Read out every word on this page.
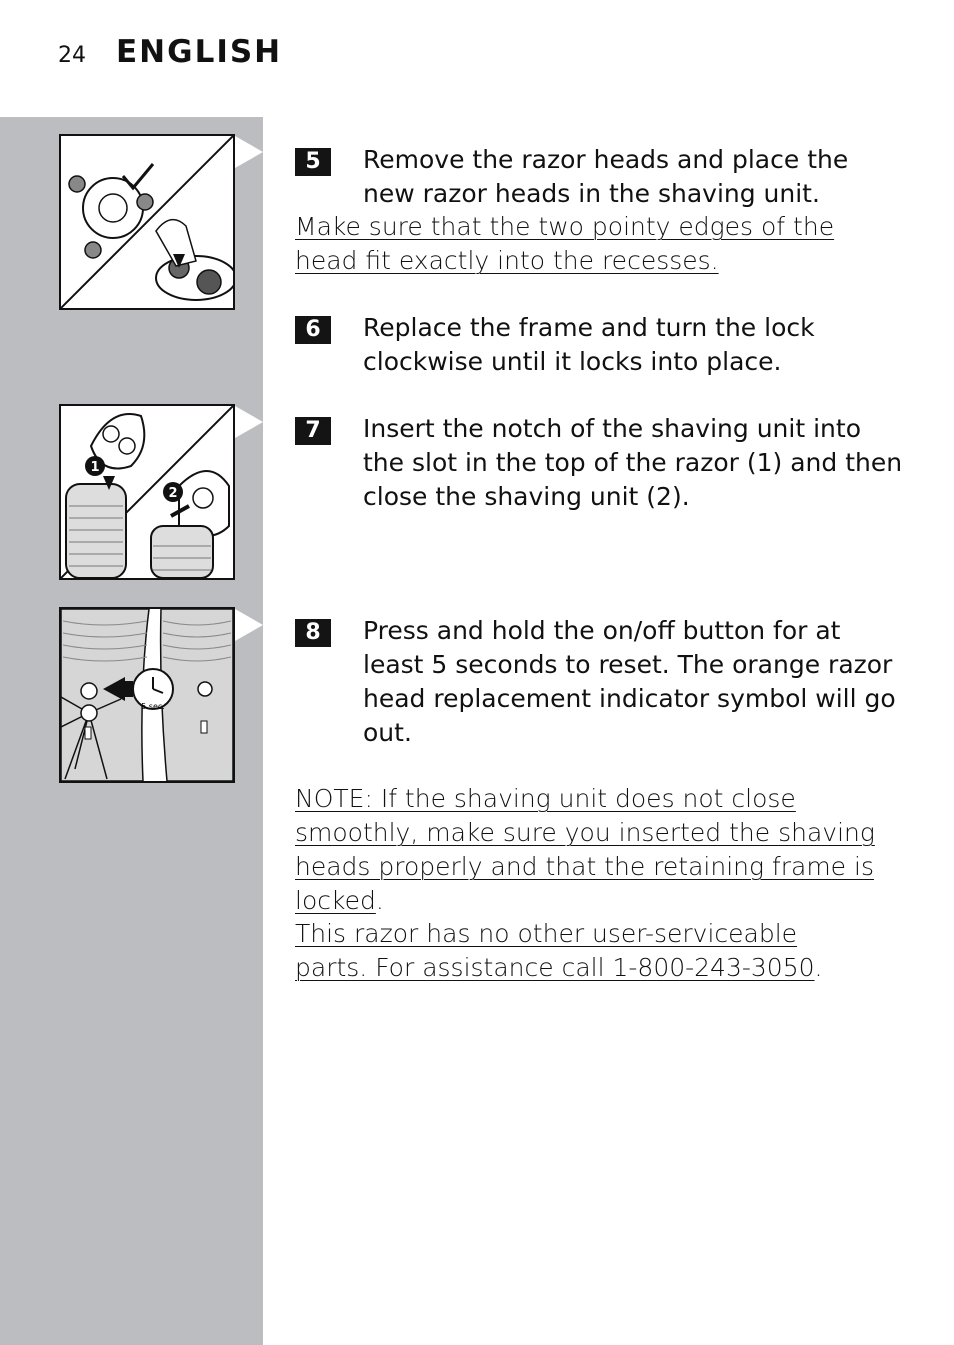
24 ENGLISH
1
2
5 sec.
5	Remove the razor heads and place the new razor heads in the shaving unit.
Make sure that the two pointy edges of the head fit exactly into the recesses.
6	Replace the frame and turn the lock clockwise until it locks into place.
7	Insert the notch of the shaving unit into the slot in the top of the razor (1) and then close the shaving unit (2).
8	Press and hold the on/off button for at least 5 seconds to reset. The orange razor head replacement indicator symbol will go out.
NOTE: If the shaving unit does not close smoothly, make sure you inserted the shaving heads properly and that the retaining frame is locked.
This razor has no other user-serviceable parts. For assistance call 1-800-243-3050.
